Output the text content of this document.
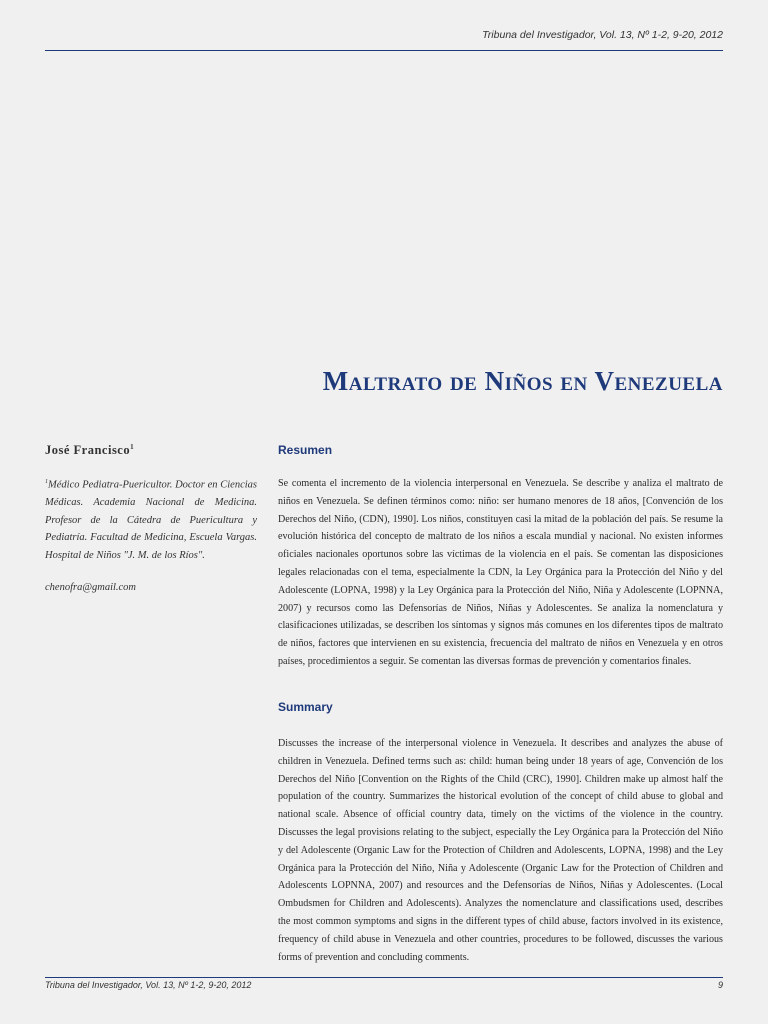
Tribuna del Investigador, Vol. 13, Nº 1-2, 9-20, 2012
Maltrato de Niños en Venezuela

José Francisco$^1$

$^1$Médico Pediatra-Puericultor. Doctor en Ciencias Médicas. Academia Nacional de Medicina. Profesor de la Cátedra de Puericultura y Pediatría. Facultad de Medicina, Escuela Vargas. Hospital de Niños "J. M. de los Ríos".

chenofra@gmail.com
Resumen

Se comenta el incremento de la violencia interpersonal en Venezuela. Se describe y analiza el maltrato de niños en Venezuela. Se definen términos como: niño: ser humano menores de 18 años, [Convención de los Derechos del Niño, (CDN), 1990]. Los niños, constituyen casi la mitad de la población del país. Se resume la evolución histórica del concepto de maltrato de los niños a escala mundial y nacional. No existen informes oficiales nacionales oportunos sobre las víctimas de la violencia en el país. Se comentan las disposiciones legales relacionadas con el tema, especialmente la CDN, la Ley Orgánica para la Protección del Niño y del Adolescente (LOPNA, 1998) y la Ley Orgánica para la Protección del Niño, Niña y Adolescente (LOPNNA, 2007) y recursos como las Defensorías de Niños, Niñas y Adolescentes. Se analiza la nomenclatura y clasificaciones utilizadas, se describen los síntomas y signos más comunes en los diferentes tipos de maltrato de niños, factores que intervienen en su existencia, frecuencia del maltrato de niños en Venezuela y en otros países, procedimientos a seguir. Se comentan las diversas formas de prevención y comentarios finales.

Summary

Discusses the increase of the interpersonal violence in Venezuela. It describes and analyzes the abuse of children in Venezuela. Defined terms such as: child: human being under 18 years of age, Convención de los Derechos del Niño [Convention on the Rights of the Child (CRC), 1990]. Children make up almost half the population of the country. Summarizes the historical evolution of the concept of child abuse to global and national scale. Absence of official country data, timely on the victims of the violence in the country. Discusses the legal provisions relating to the subject, especially the Ley Orgánica para la Protección del Niño y del Adolescente (Organic Law for the Protection of Children and Adolescents, LOPNA, 1998) and the Ley Orgánica para la Protección del Niño, Niña y Adolescente (Organic Law for the Protection of Children and Adolescents LOPNNA, 2007) and resources and the Defensorías de Niños, Niñas y Adolescentes. (Local Ombudsmen for Children and Adolescents). Analyzes the nomenclature and classifications used, describes the most common symptoms and signs in the different types of child abuse, factors involved in its existence, frequency of child abuse in Venezuela and other countries, procedures to be followed, discusses the various forms of prevention and concluding comments.

Tribuna del Investigador, Vol. 13, Nº 1-2, 9-20, 2012	9
